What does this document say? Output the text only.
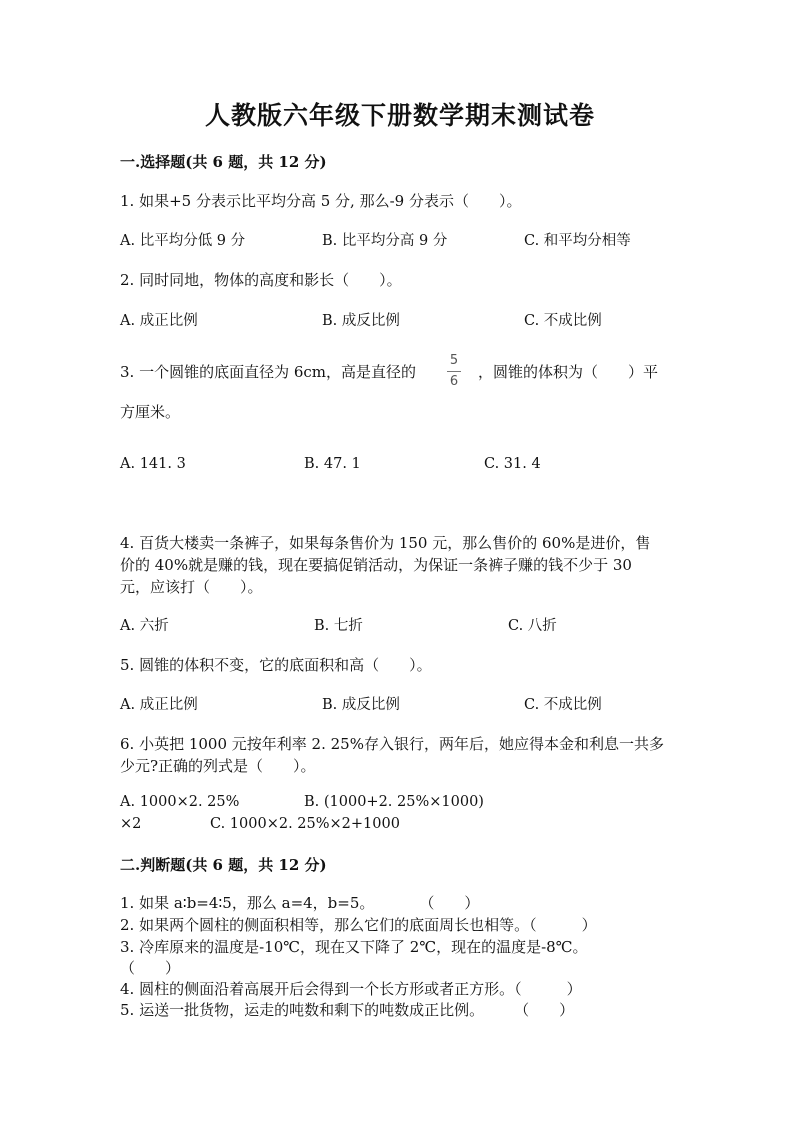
人教版六年级下册数学期末测试卷
一.选择题(共 6 题，共 12 分)
1. 如果+5 分表示比平均分高 5 分, 那么-9 分表示（　　）。
A. 比平均分低 9 分	B. 比平均分高 9 分	C. 和平均分相等
2. 同时同地，物体的高度和影长（　　）。
A. 成正比例	B. 成反比例	C. 不成比例
3. 一个圆锥的底面直径为 6cm，高是直径的
5
6
，圆锥的体积为（　　）平
方厘米。
A. 141. 3	B. 47. 1	C. 31. 4
4. 百货大楼卖一条裤子，如果每条售价为 150 元，那么售价的 60%是进价，售
价的 40%就是赚的钱，现在要搞促销活动，为保证一条裤子赚的钱不少于 30
元，应该打（　　）。
A. 六折	B. 七折	C. 八折
5. 圆锥的体积不变，它的底面积和高（　　）。
A. 成正比例	B. 成反比例	C. 不成比例
6. 小英把 1000 元按年利率 2. 25%存入银行，两年后，她应得本金和利息一共多
少元?正确的列式是（　　）。
A. 1000×2. 25%	B. (1000+2. 25%×1000)
×2	C. 1000×2. 25%×2+1000
二.判断题(共 6 题，共 12 分)
1. 如果 a∶b=4∶5，那么 a=4，b=5。　　　　（　　）
2. 如果两个圆柱的侧面积相等，那么它们的底面周长也相等。（　　　）
3. 冷库原来的温度是-10℃，现在又下降了 2℃，现在的温度是-8℃。
（　　）
4. 圆柱的侧面沿着高展开后会得到一个长方形或者正方形。（　　　）
5. 运送一批货物，运走的吨数和剩下的吨数成正比例。　　　（　　）
